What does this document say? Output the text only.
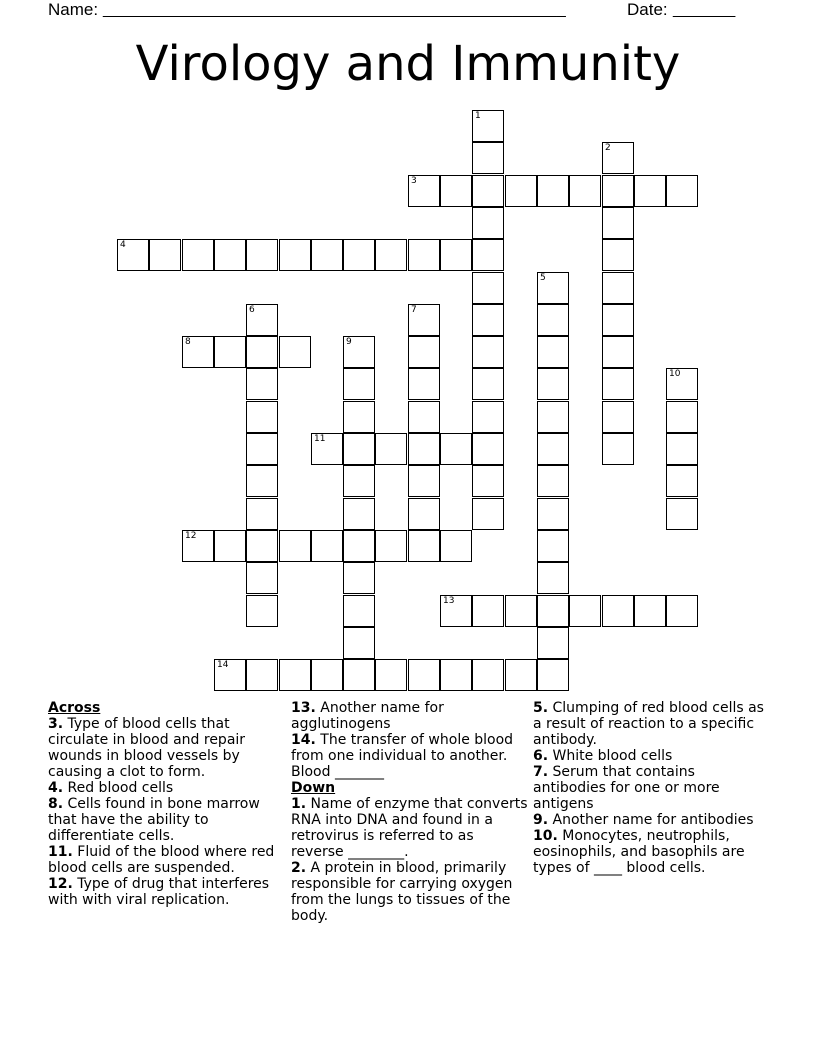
Name: ____________________________________________________	Date: _______
Virology and Immunity
1
2
3
4
5
6	7
8	9
10
11
12
13
14
Across
3. Type of blood cells that circulate in blood and repair wounds in blood vessels by causing a clot to form.
4. Red blood cells
8. Cells found in bone marrow that have the ability to differentiate cells.
11. Fluid of the blood where red blood cells are suspended.
12. Type of drug that interferes with with viral replication.
13. Another name for agglutinogens
14. The transfer of whole blood from one individual to another. Blood _______
Down
1. Name of enzyme that converts RNA into DNA and found in a retrovirus is referred to as reverse ________.
2. A protein in blood, primarily responsible for carrying oxygen from the lungs to tissues of the body.
5. Clumping of red blood cells as a result of reaction to a specific antibody.
6. White blood cells
7. Serum that contains antibodies for one or more antigens
9. Another name for antibodies
10. Monocytes, neutrophils, eosinophils, and basophils are types of ____ blood cells.
